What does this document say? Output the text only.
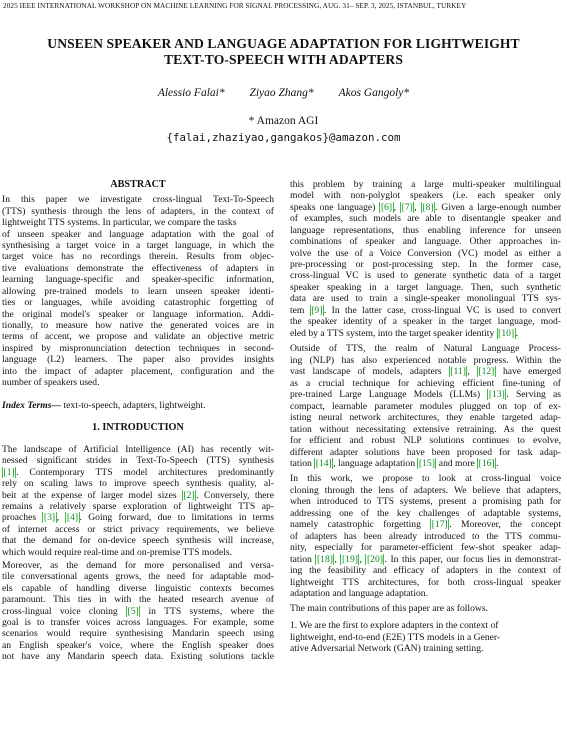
2025 IEEE INTERNATIONAL WORKSHOP ON MACHINE LEARNING FOR SIGNAL PROCESSING, AUG. 31– SEP. 3, 2025, ISTANBUL, TURKEY
UNSEEN SPEAKER AND LANGUAGE ADAPTATION FOR LIGHTWEIGHT
TEXT-TO-SPEECH WITH ADAPTERS
Alessio Falai* Ziyao Zhang* Akos Gangoly*
* Amazon AGI
{falai,zhaziyao,gangakos}@amazon.com
ABSTRACT
In this paper we investigate cross-lingual Text-To-Speech
(TTS) synthesis through the lens of adapters, in the context of
lightweight TTS systems. In particular, we compare the tasks
of unseen speaker and language adaptation with the goal of
synthesising a target voice in a target language, in which the
target voice has no recordings therein. Results from objec-
tive evaluations demonstrate the effectiveness of adapters in
learning language-specific and speaker-specific information,
allowing pre-trained models to learn unseen speaker identi-
ties or languages, while avoiding catastrophic forgetting of
the original model's speaker or language information. Addi-
tionally, to measure how native the generated voices are in
terms of accent, we propose and validate an objective metric
inspired by mispronunciation detection techniques in second-
language (L2) learners. The paper also provides insights
into the impact of adapter placement, configuration and the
number of speakers used.
Index Terms— text-to-speech, adapters, lightweight.
1. INTRODUCTION
The landscape of Artificial Intelligence (AI) has recently wit-
nessed significant strides in Text-To-Speech (TTS) synthesis
[1] . Contemporary TTS model architectures predominantly
rely on scaling laws to improve speech synthesis quality, al-
beit at the expense of larger model sizes [2] . Conversely, there
remains a relatively sparse exploration of lightweight TTS ap-
proaches [3] , [4] . Going forward, due to limitations in terms
of internet access or strict privacy requirements, we believe
that the demand for on-device speech synthesis will increase,
which would require real-time and on-premise TTS models.
Moreover, as the demand for more personalised and versa-
tile conversational agents grows, the need for adaptable mod-
els capable of handling diverse linguistic contexts becomes
paramount. This ties in with the heated research avenue of
cross-lingual voice cloning [5] in TTS systems, where the
goal is to transfer voices across languages. For example, some
scenarios would require synthesising Mandarin speech using
an English speaker's voice, where the English speaker does
not have any Mandarin speech data. Existing solutions tackle
this problem by training a large multi-speaker multilingual
model with non-polyglot speakers (i.e. each speaker only
speaks one language) [6] , [7] , [8] . Given a large-enough number
of examples, such models are able to disentangle speaker and
language representations, thus enabling inference for unseen
combinations of speaker and language. Other approaches in-
volve the use of a Voice Conversion (VC) model as either a
pre-processing or post-processing step. In the former case,
cross-lingual VC is used to generate synthetic data of a target
speaker speaking in a target language. Then, such synthetic
data are used to train a single-speaker monolingual TTS sys-
tem [9] . In the latter case, cross-lingual VC is used to convert
the speaker identity of a speaker in the target language, mod-
eled by a TTS system, into the target speaker identity [10] .
Outside of TTS, the realm of Natural Language Process-
ing (NLP) has also experienced notable progress. Within the
vast landscape of models, adapters [11] , [12] have emerged
as a crucial technique for achieving efficient fine-tuning of
pre-trained Large Language Models (LLMs) [13] . Serving as
compact, learnable parameter modules plugged on top of ex-
isting neural network architectures, they enable targeted adap-
tation without necessitating extensive retraining. As the quest
for efficient and robust NLP solutions continues to evolve,
different adapter solutions have been proposed for task adap-
tation [14] , language adaptation [15] and more [16] .
In this work, we propose to look at cross-lingual voice
cloning through the lens of adapters. We believe that adapters,
when introduced to TTS systems, present a promising path for
addressing one of the key challenges of adaptable systems,
namely catastrophic forgetting [17] . Moreover, the concept
of adapters has been already introduced to the TTS commu-
nity, especially for parameter-efficient few-shot speaker adap-
tation [18] , [19] , [20] . In this paper, our focus lies in demonstrat-
ing the feasibility and efficacy of adapters in the context of
lightweight TTS architectures, for both cross-lingual speaker
adaptation and language adaptation.
The main contributions of this paper are as follows.
1. We are the first to explore adapters in the context of
lightweight, end-to-end (E2E) TTS models in a Gener-
ative Adversarial Network (GAN) training setting.
